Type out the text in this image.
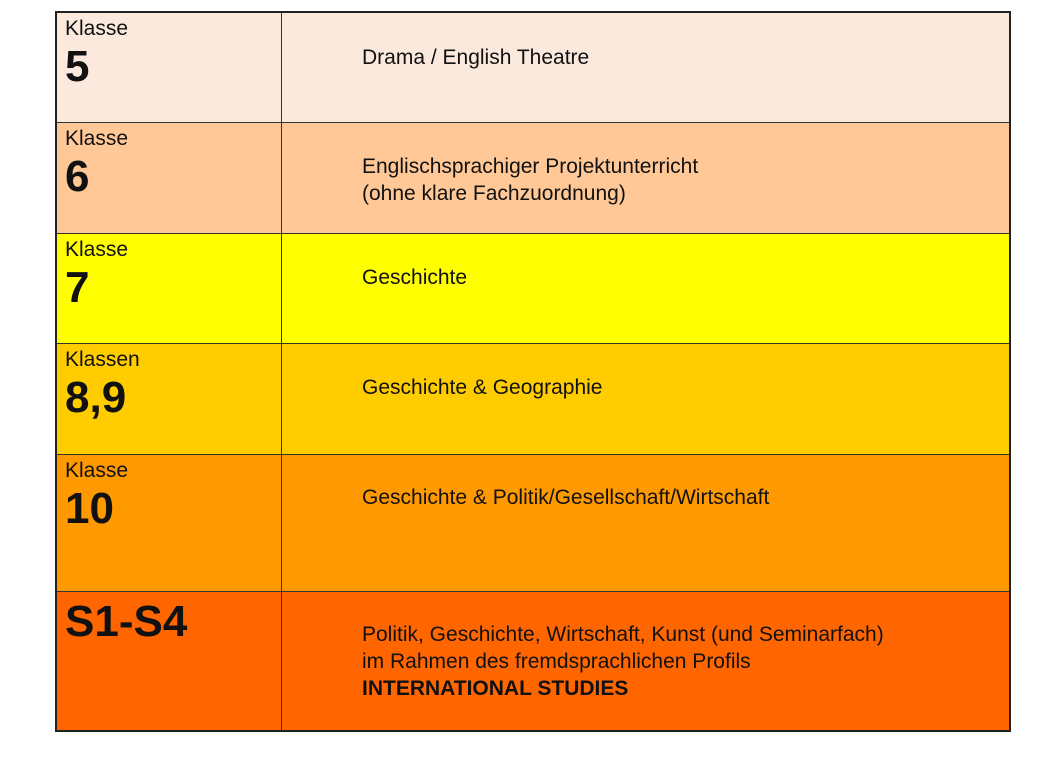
Klasse
5	Drama / English Theatre
Klasse
6	Englischsprachiger Projektunterricht
(ohne klare Fachzuordnung)
Klasse
7	Geschichte
Klassen
8,9	Geschichte & Geographie
Klasse
10	Geschichte & Politik/Gesellschaft/Wirtschaft
S1-S4	Politik, Geschichte, Wirtschaft, Kunst (und Seminarfach)
im Rahmen des fremdsprachlichen Profils
INTERNATIONAL STUDIES
